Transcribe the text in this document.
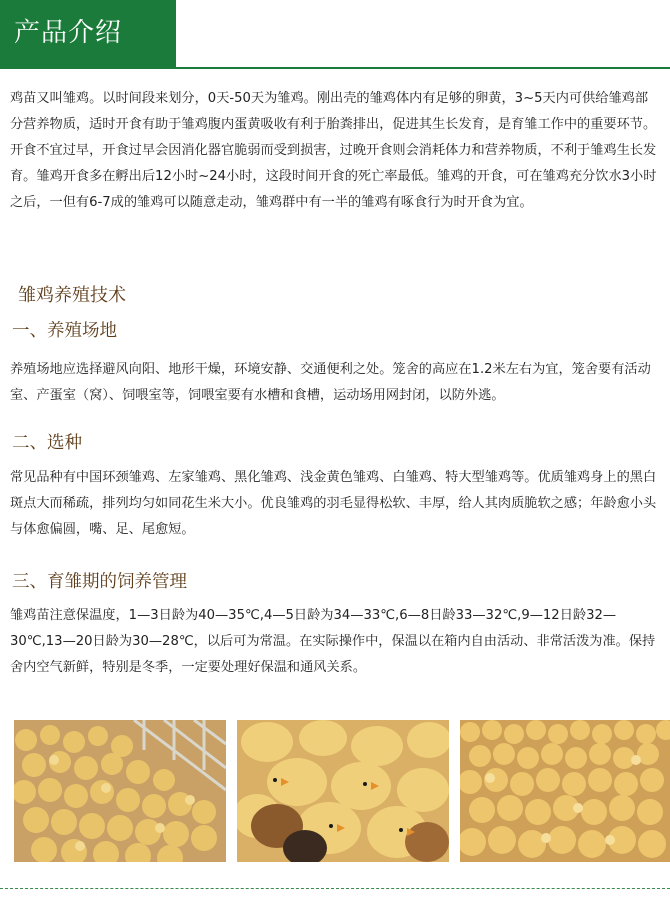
产品介绍

鸡苗又叫雏鸡。以时间段来划分，0天-50天为雏鸡。刚出壳的雏鸡体内有足够的卵黄，3~5天内可供给雏鸡部分营养物质，适时开食有助于雏鸡腹内蛋黄吸收有利于胎粪排出，促进其生长发育，是育雏工作中的重要环节。开食不宜过早，开食过早会因消化器官脆弱而受到损害，过晚开食则会消耗体力和营养物质，不利于雏鸡生长发育。雏鸡开食多在孵出后12小时~24小时，这段时间开食的死亡率最低。雏鸡的开食，可在雏鸡充分饮水3小时之后，一但有6-7成的雏鸡可以随意走动，雏鸡群中有一半的雏鸡有啄食行为时开食为宜。

雏鸡养殖技术
一、养殖场地

养殖场地应选择避风向阳、地形干燥，环境安静、交通便利之处。笼舍的高应在1.2米左右为宜，笼舍要有活动室、产蛋室（窝）、饲喂室等，饲喂室要有水槽和食槽，运动场用网封闭，以防外逃。

二、选种

常见品种有中国环颈雏鸡、左家雏鸡、黑化雏鸡、浅金黄色雏鸡、白雏鸡、特大型雏鸡等。优质雏鸡身上的黑白斑点大而稀疏，排列均匀如同花生米大小。优良雏鸡的羽毛显得松软、丰厚，给人其肉质脆软之感；年龄愈小头与体愈偏圆，嘴、足、尾愈短。

三、育雏期的饲养管理

雏鸡苗注意保温度，1—3日龄为40—35℃,4—5日龄为34—33℃,6—8日龄33—32℃,9—12日龄32—30℃,13—20日龄为30—28℃，以后可为常温。在实际操作中，保温以在箱内自由活动、非常活泼为准。保持舍内空气新鲜，特别是冬季，一定要处理好保温和通风关系。
